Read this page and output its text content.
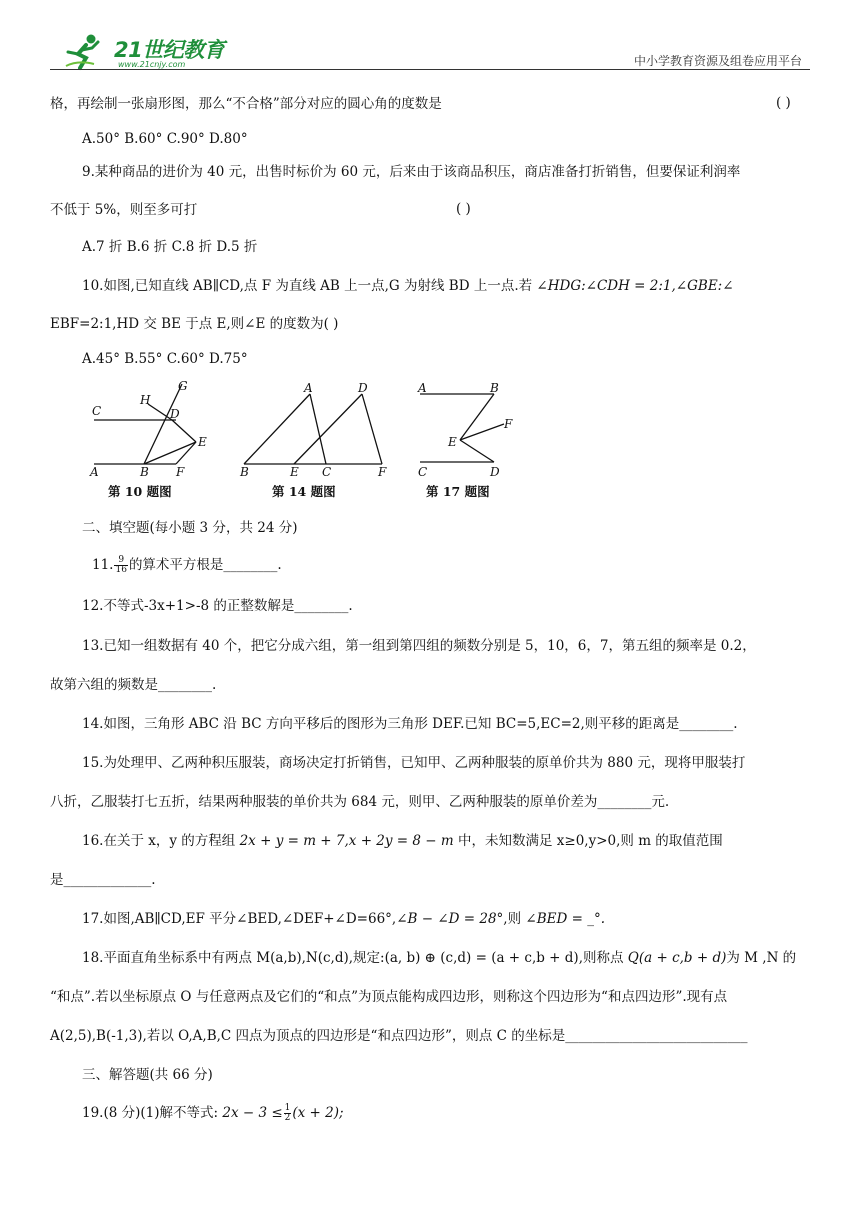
21世纪教育
www.21cnjy.com	中小学教育资源及组卷应用平台
格，再绘制一张扇形图，那么“不合格”部分对应的圆心角的度数是	( )
A.50° B.60° C.90° D.80°
9.某种商品的进价为 40 元，出售时标价为 60 元，后来由于该商品积压，商店准备打折销售，但要保证利润率
不低于 5%，则至多可打	( )
A.7 折 B.6 折 C.8 折 D.5 折
10.如图,已知直线 AB∥CD,点 F 为直线 AB 上一点,G 为射线 BD 上一点.若 ∠HDG:∠CDH = 2:1,∠GBE:∠
EBF=2:1,HD 交 BE 于点 E,则∠E 的度数为( )
A.45° B.55° C.60° D.75°
C
H
G
D
E
A	B F
A	D
B	E C	F
A	B
F
E
C	D
第 10 题图	第 14 题图	第 17 题图
二、填空题(每小题 3 分，共 24 分)
11. $\frac{9}{16}$ 的算术平方根是________.
12.不等式-3x+1>-8 的正整数解是________.
13.已知一组数据有 40 个，把它分成六组，第一组到第四组的频数分别是 5，10，6，7，第五组的频率是 0.2，
故第六组的频数是________.
14.如图，三角形 ABC 沿 BC 方向平移后的图形为三角形 DEF.已知 BC=5,EC=2,则平移的距离是________.
15.为处理甲、乙两种积压服装，商场决定打折销售，已知甲、乙两种服装的原单价共为 880 元，现将甲服装打
八折，乙服装打七五折，结果两种服装的单价共为 684 元，则甲、乙两种服装的原单价差为________元.
16.在关于 x，y 的方程组 2x + y = m + 7,x + 2y = 8 − m 中，未知数满足 x≥0,y>0,则 m 的取值范围
是_____________.
17.如图,AB∥CD,EF 平分∠BED,∠DEF+∠D=66°,∠B − ∠D = 28°,则 ∠BED = _°.
18.平面直角坐标系中有两点 M(a,b),N(c,d),规定:(a, b) ⊕ (c,d) = (a + c,b + d),则称点 Q(a + c,b + d)为 M ,N 的
“和点”.若以坐标原点 O 与任意两点及它们的“和点”为顶点能构成四边形，则称这个四边形为“和点四边形”.现有点
A(2,5),B(-1,3),若以 O,A,B,C 四点为顶点的四边形是“和点四边形”，则点 C 的坐标是___________________________
三、解答题(共 66 分)
19.(8 分)(1)解不等式: $2x - 3 \le \frac{1}{2} (x + 2)$;
